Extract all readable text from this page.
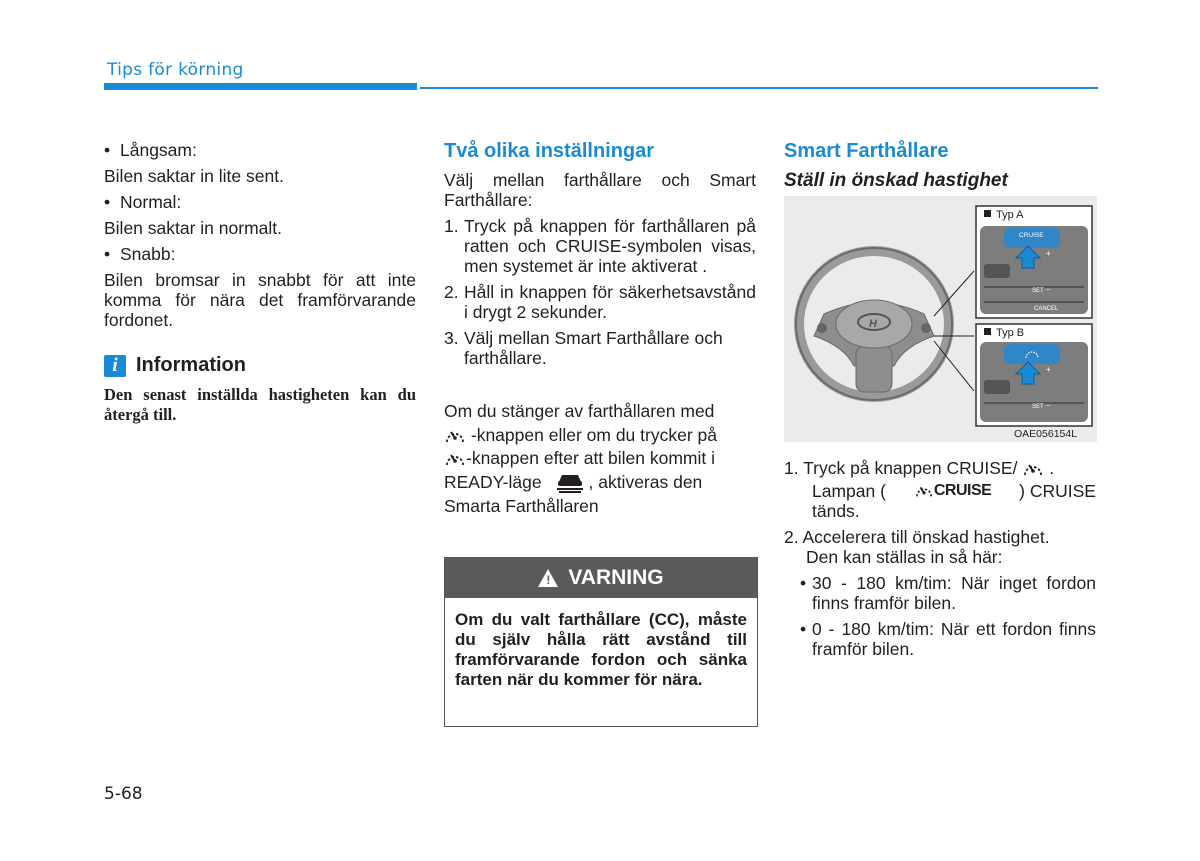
Tips för körning
• Långsam:

Bilen saktar in lite sent.

• Normal:

Bilen saktar in normalt.

• Snabb:

Bilen bromsar in snabbt för att inte komma för nära det framförvarande fordonet.

i Information
Den senast inställda hastigheten kan du återgå till.
Två olika inställningar

Välj mellan farthållare och Smart Farthållare:

1. Tryck på knappen för farthållaren på ratten och CRUISE-symbolen visas, men systemet är inte aktiverat .
2. Håll in knappen för säkerhetsavstånd i drygt 2 sekunder.
3. Välj mellan Smart Farthållare och farthållare.
Om du stänger av farthållaren med
-knappen eller om du trycker på
-knappen efter att bilen kommit i
READY-läge	, aktiveras den
Smarta Farthållaren
! VARNING
Om du valt farthållare (CC), måste du själv hålla rätt avstånd till framförvarande fordon och sänka farten när du kommer för nära.
Smart Farthållare
Ställ in önskad hastighet
H
Typ A
CRUISE
+
SET −
CANCEL
Typ B
+
SET −
OAE056154L
1. Tryck på knappen CRUISE/ .
Lampan (	CRUISE ) CRUISE
tänds.
2. Accelerera till önskad hastighet.
Den kan ställas in så här:
• 30 - 180 km/tim: När inget fordon finns framför bilen.
• 0 - 180 km/tim: När ett fordon finns framför bilen.
5-68
